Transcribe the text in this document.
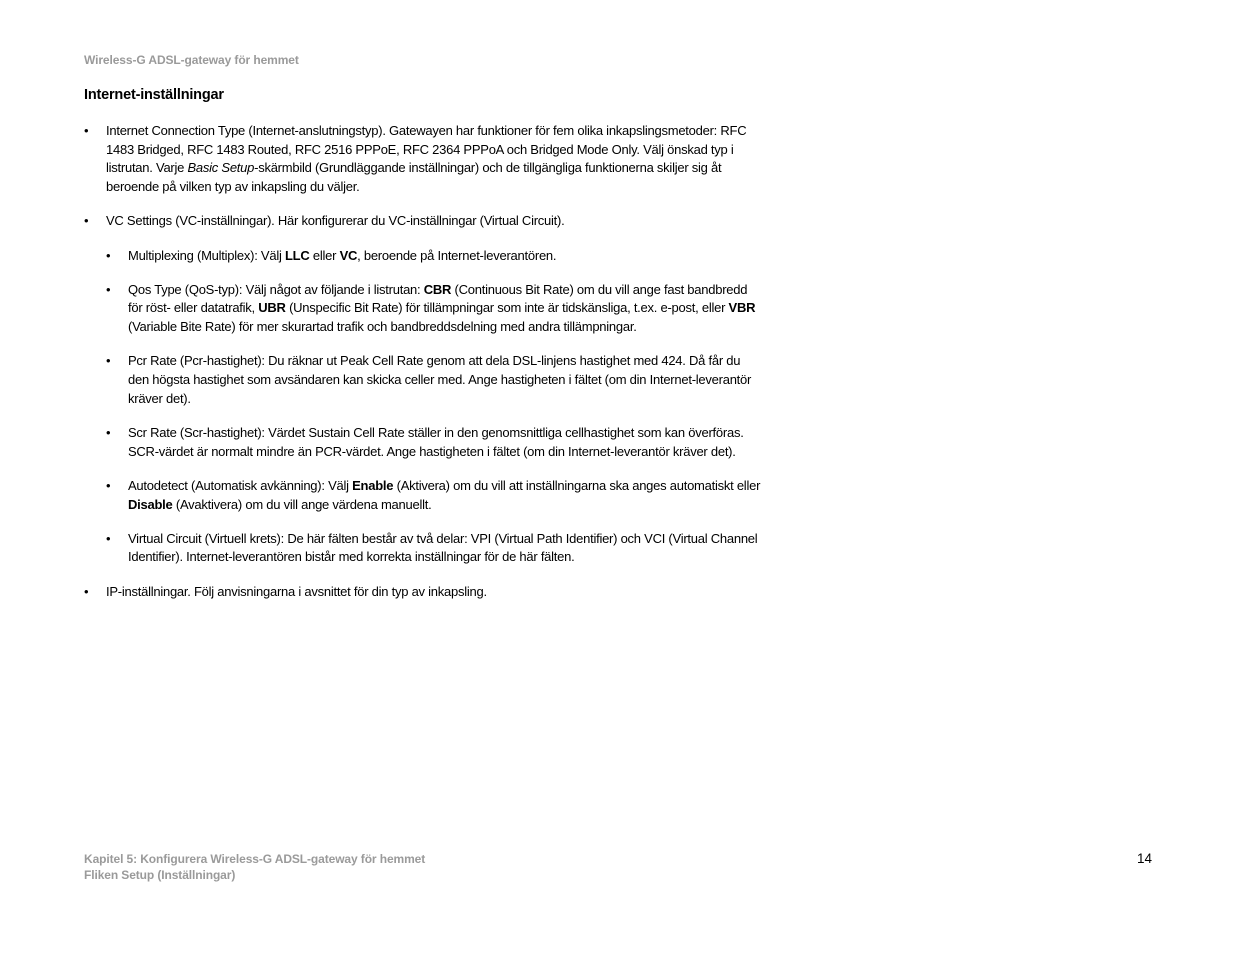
Wireless-G ADSL-gateway för hemmet
Internet-inställningar
• Internet Connection Type (Internet-anslutningstyp). Gatewayen har funktioner för fem olika inkapslingsmetoder: RFC 1483 Bridged, RFC 1483 Routed, RFC 2516 PPPoE, RFC 2364 PPPoA och Bridged Mode Only. Välj önskad typ i listrutan. Varje Basic Setup-skärmbild (Grundläggande inställningar) och de tillgängliga funktionerna skiljer sig åt beroende på vilken typ av inkapsling du väljer.
• VC Settings (VC-inställningar). Här konfigurerar du VC-inställningar (Virtual Circuit).
• Multiplexing (Multiplex): Välj LLC eller VC, beroende på Internet-leverantören.
• Qos Type (QoS-typ): Välj något av följande i listrutan: CBR (Continuous Bit Rate) om du vill ange fast bandbredd för röst- eller datatrafik, UBR (Unspecific Bit Rate) för tillämpningar som inte är tidskänsliga, t.ex. e-post, eller VBR (Variable Bite Rate) för mer skurartad trafik och bandbreddsdelning med andra tillämpningar.
• Pcr Rate (Pcr-hastighet): Du räknar ut Peak Cell Rate genom att dela DSL-linjens hastighet med 424. Då får du den högsta hastighet som avsändaren kan skicka celler med. Ange hastigheten i fältet (om din Internet-leverantör kräver det).
• Scr Rate (Scr-hastighet): Värdet Sustain Cell Rate ställer in den genomsnittliga cellhastighet som kan överföras. SCR-värdet är normalt mindre än PCR-värdet. Ange hastigheten i fältet (om din Internet-leverantör kräver det).
• Autodetect (Automatisk avkänning): Välj Enable (Aktivera) om du vill att inställningarna ska anges automatiskt eller Disable (Avaktivera) om du vill ange värdena manuellt.
• Virtual Circuit (Virtuell krets): De här fälten består av två delar: VPI (Virtual Path Identifier) och VCI (Virtual Channel Identifier). Internet-leverantören bistår med korrekta inställningar för de här fälten.
• IP-inställningar. Följ anvisningarna i avsnittet för din typ av inkapsling.
Kapitel 5: Konfigurera Wireless-G ADSL-gateway för hemmet
Fliken Setup (Inställningar)
14
